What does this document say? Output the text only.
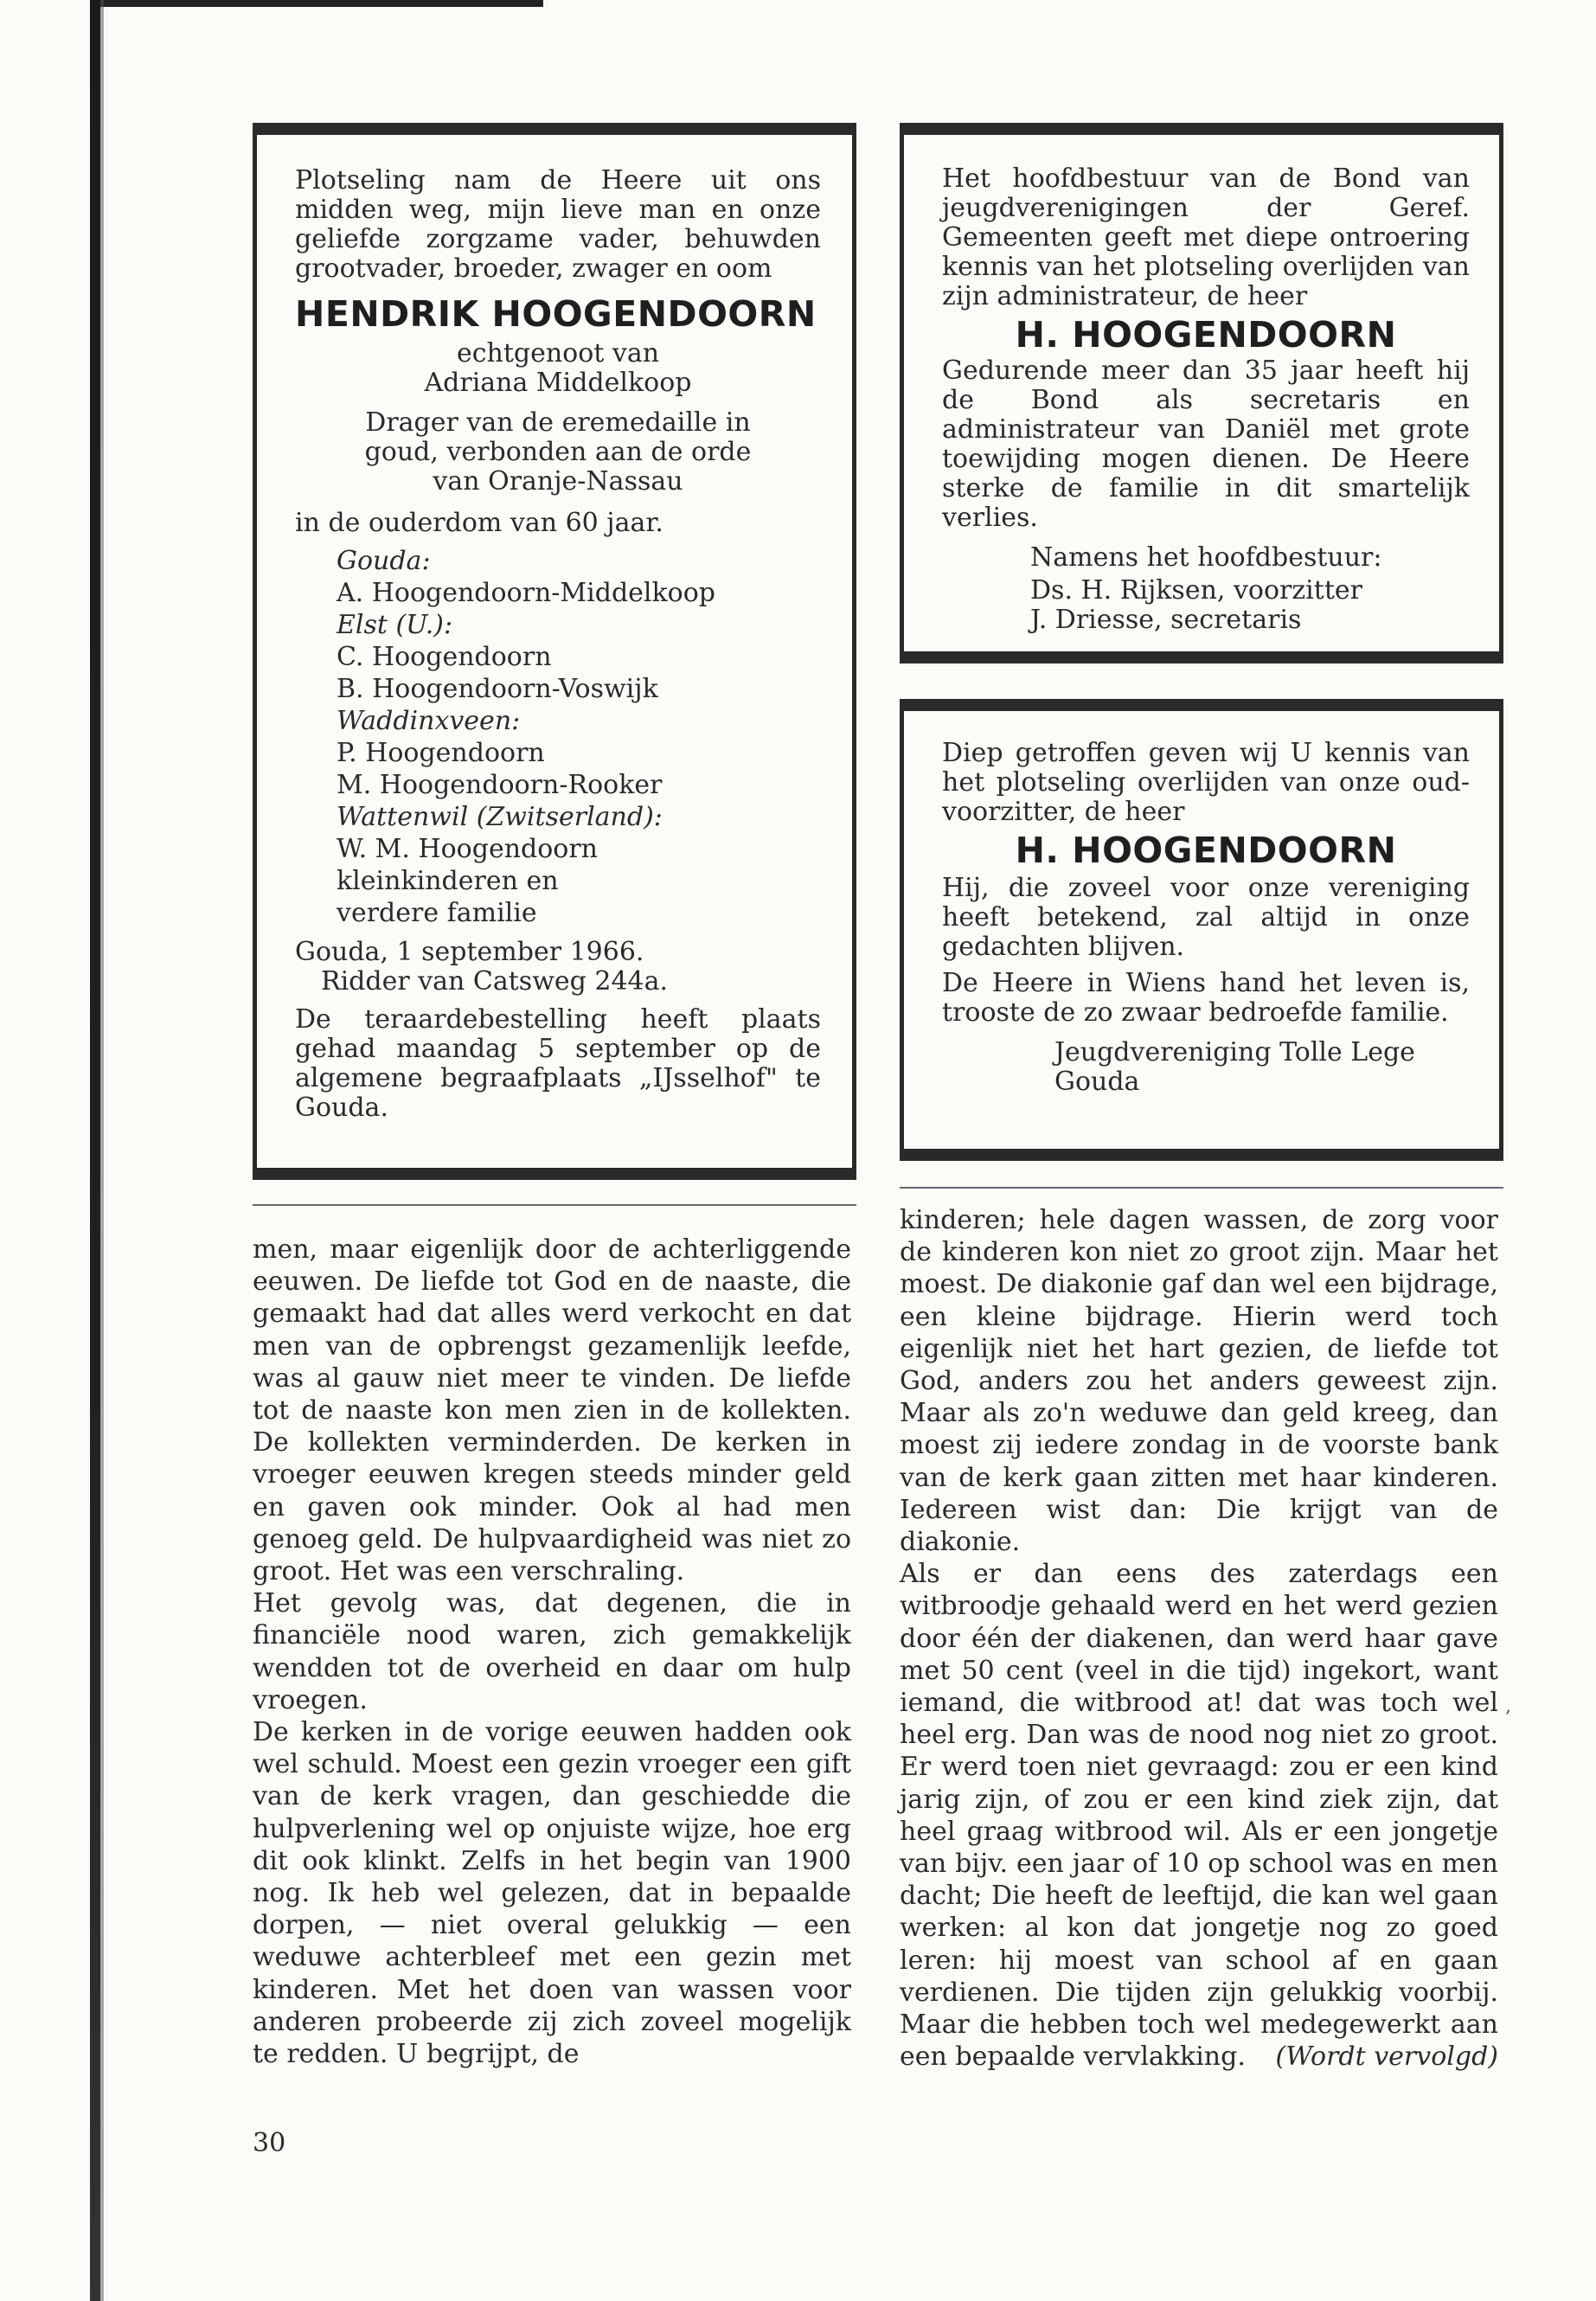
Plotseling nam de Heere uit ons midden weg, mijn lieve man en onze geliefde zorgzame vader, behuwden grootvader, broeder, zwager en oom

HENDRIK HOOGENDOORN
echtgenoot van
Adriana Middelkoop
Drager van de eremedaille in
goud, verbonden aan de orde
van Oranje-Nassau
in de ouderdom van 60 jaar.
Gouda:
A. Hoogendoorn-Middelkoop
Elst (U.):
C. Hoogendoorn
B. Hoogendoorn-Voswijk
Waddinxveen:
P. Hoogendoorn
M. Hoogendoorn-Rooker
Wattenwil (Zwitserland):
W. M. Hoogendoorn
kleinkinderen en
verdere familie
Gouda, 1 september 1966.
Ridder van Catsweg 244a.

De teraardebestelling heeft plaats gehad maandag 5 september op de algemene begraafplaats „IJsselhof" te Gouda.

Het hoofdbestuur van de Bond van jeugdverenigingen der Geref. Gemeenten geeft met diepe ontroering kennis van het plotseling overlijden van zijn administrateur, de heer

H. HOOGENDOORN

Gedurende meer dan 35 jaar heeft hij de Bond als secretaris en administrateur van Daniël met grote toewijding mogen dienen. De Heere sterke de familie in dit smartelijk verlies.

Namens het hoofdbestuur:
Ds. H. Rijksen, voorzitter
J. Driesse, secretaris

Diep getroffen geven wij U kennis van het plotseling overlijden van onze oud-voorzitter, de heer

H. HOOGENDOORN

Hij, die zoveel voor onze vereniging heeft betekend, zal altijd in onze gedachten blijven.

De Heere in Wiens hand het leven is, trooste de zo zwaar bedroefde familie.

Jeugdvereniging Tolle Lege
Gouda

men, maar eigenlijk door de achterliggende eeuwen. De liefde tot God en de naaste, die gemaakt had dat alles werd verkocht en dat men van de opbrengst gezamenlijk leefde, was al gauw niet meer te vinden. De liefde tot de naaste kon men zien in de kollekten. De kollekten verminderden. De kerken in vroeger eeuwen kregen steeds minder geld en gaven ook minder. Ook al had men genoeg geld. De hulpvaardigheid was niet zo groot. Het was een verschraling.

Het gevolg was, dat degenen, die in financiële nood waren, zich gemakkelijk wendden tot de overheid en daar om hulp vroegen.

De kerken in de vorige eeuwen hadden ook wel schuld. Moest een gezin vroeger een gift van de kerk vragen, dan geschiedde die hulpverlening wel op onjuiste wijze, hoe erg dit ook klinkt. Zelfs in het begin van 1900 nog. Ik heb wel gelezen, dat in bepaalde dorpen, — niet overal gelukkig — een weduwe achterbleef met een gezin met kinderen. Met het doen van wassen voor anderen probeerde zij zich zoveel mogelijk te redden. U begrijpt, de

kinderen; hele dagen wassen, de zorg voor de kinderen kon niet zo groot zijn. Maar het moest. De diakonie gaf dan wel een bijdrage, een kleine bijdrage. Hierin werd toch eigenlijk niet het hart gezien, de liefde tot God, anders zou het anders geweest zijn. Maar als zo'n weduwe dan geld kreeg, dan moest zij iedere zondag in de voorste bank van de kerk gaan zitten met haar kinderen. Iedereen wist dan: Die krijgt van de diakonie.

Als er dan eens des zaterdags een witbroodje gehaald werd en het werd gezien door één der diakenen, dan werd haar gave met 50 cent (veel in die tijd) ingekort, want iemand, die witbrood at! dat was toch wel heel erg. Dan was de nood nog niet zo groot. Er werd toen niet gevraagd: zou er een kind jarig zijn, of zou er een kind ziek zijn, dat heel graag witbrood wil. Als er een jongetje van bijv. een jaar of 10 op school was en men dacht; Die heeft de leeftijd, die kan wel gaan werken: al kon dat jongetje nog zo goed leren: hij moest van school af en gaan verdienen. Die tijden zijn gelukkig voorbij. Maar die hebben toch wel medegewerkt aan een bepaalde vervlakking. (Wordt vervolgd)

30
,
